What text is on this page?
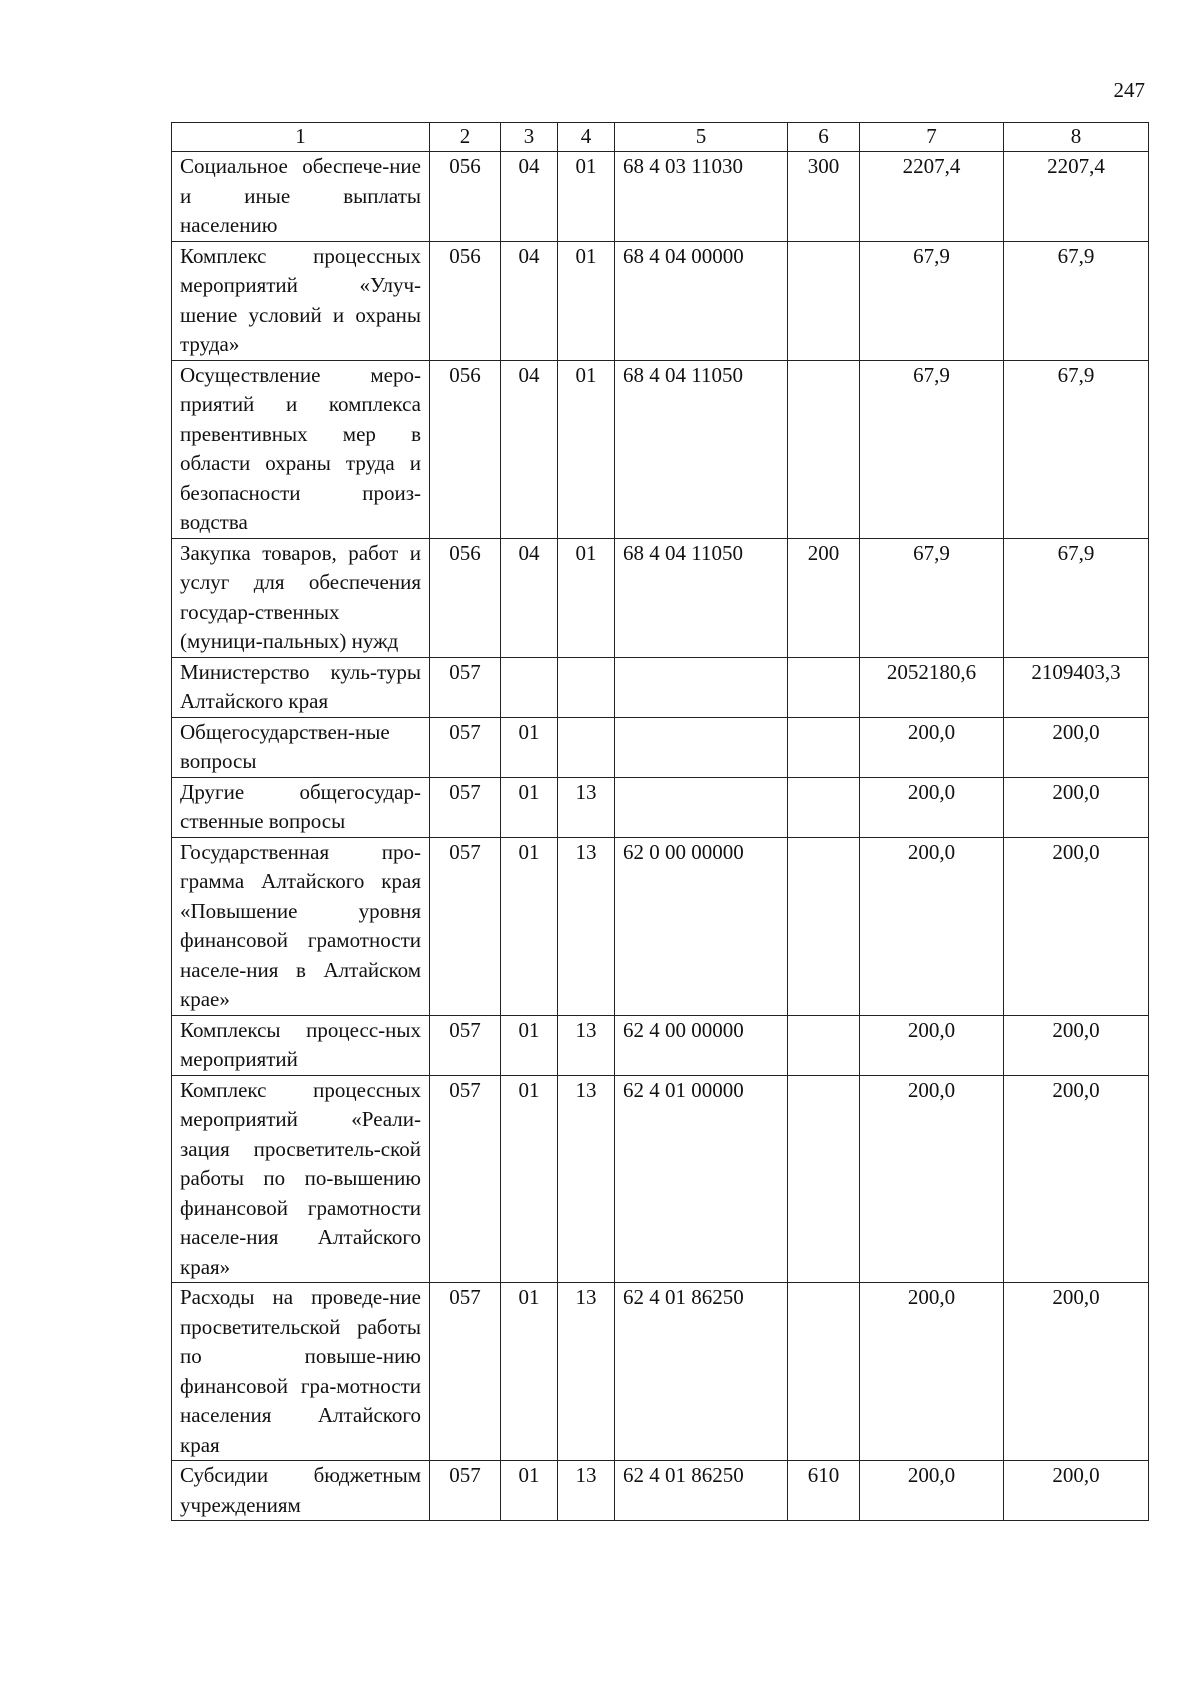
247
1	2	3	4	5	6	7	8
Социальное обеспече-ние и иные выплаты населению	056	04	01	68 4 03 11030	300	2207,4	2207,4
Комплекс процессных мероприятий «Улуч-шение условий и охраны труда»	056	04	01	68 4 04 00000		67,9	67,9
Осуществление меро-приятий и комплекса превентивных мер в области охраны труда и безопасности произ-водства	056	04	01	68 4 04 11050		67,9	67,9
Закупка товаров, работ и услуг для обеспечения государ-ственных (муници-пальных) нужд	056	04	01	68 4 04 11050	200	67,9	67,9
Министерство куль-туры Алтайского края	057					2052180,6	2109403,3
Общегосударствен-ные вопросы	057	01				200,0	200,0
Другие общегосудар-ственные вопросы	057	01	13			200,0	200,0
Государственная про-грамма Алтайского края «Повышение уровня финансовой грамотности населе-ния в Алтайском крае»	057	01	13	62 0 00 00000		200,0	200,0
Комплексы процесс-ных мероприятий	057	01	13	62 4 00 00000		200,0	200,0
Комплекс процессных мероприятий «Реали-зация просветитель-ской работы по по-вышению финансовой грамотности населе-ния Алтайского края»	057	01	13	62 4 01 00000		200,0	200,0
Расходы на проведе-ние просветительской работы по повыше-нию финансовой гра-мотности населения Алтайского края	057	01	13	62 4 01 86250		200,0	200,0
Субсидии бюджетным учреждениям	057	01	13	62 4 01 86250	610	200,0	200,0
